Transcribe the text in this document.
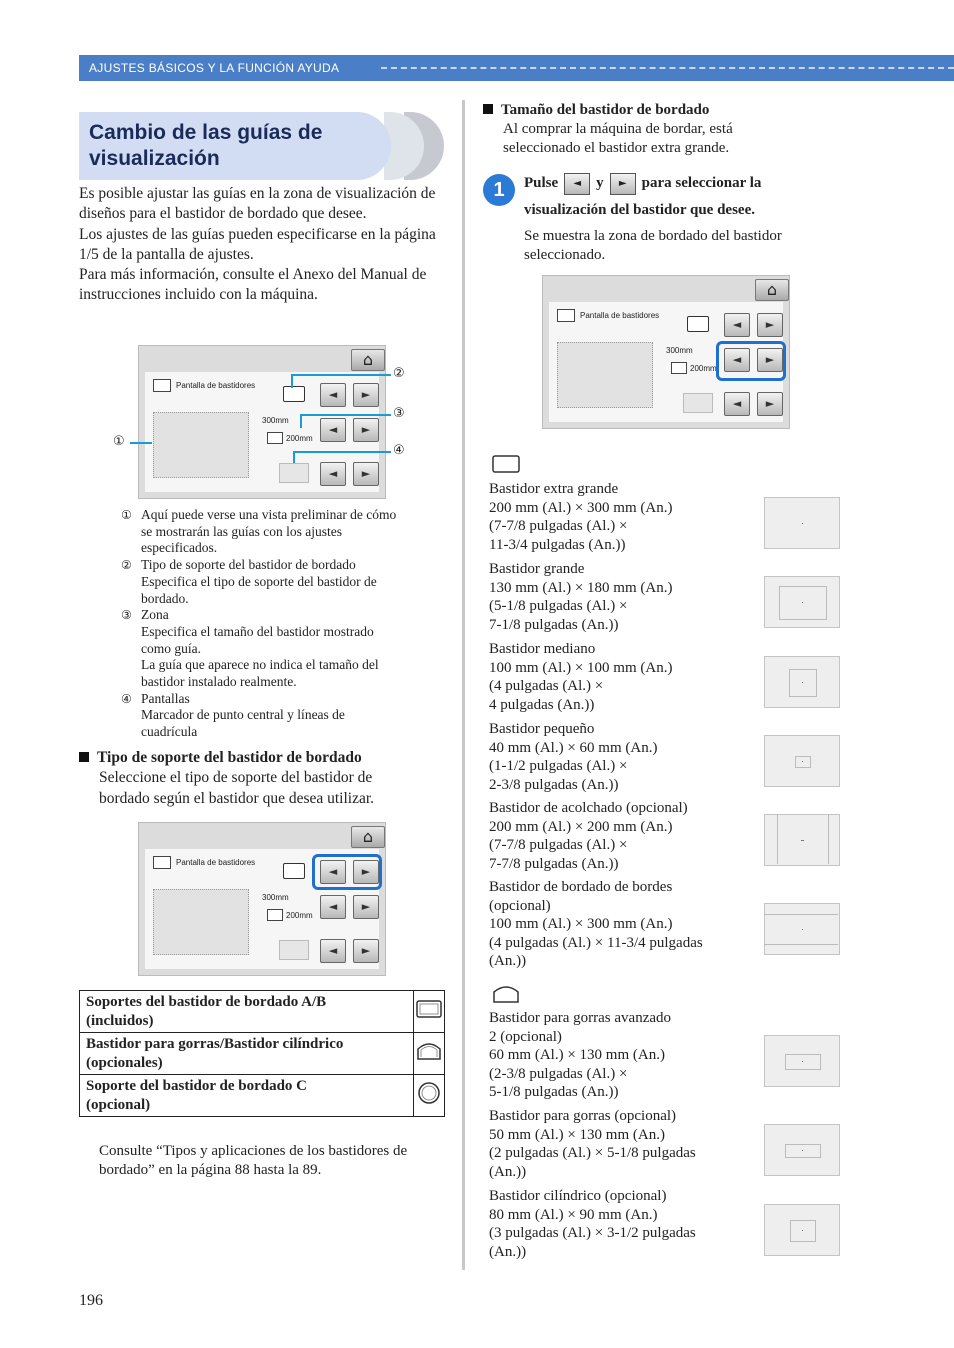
AJUSTES BÁSICOS Y LA FUNCIÓN AYUDA
Cambio de las guías de visualización
Es posible ajustar las guías en la zona de visualización de diseños para el bastidor de bordado que desee.
Los ajustes de las guías pueden especificarse en la página 1/5 de la pantalla de ajustes.
Para más información, consulte el Anexo del Manual de instrucciones incluido con la máquina.
⌂
Pantalla de bastidores
◄	►
300mm
200mm
◄	►
◄	►
①
②
③
④
① Aquí puede verse una vista preliminar de cómo
se mostrarán las guías con los ajustes
especificados.
② Tipo de soporte del bastidor de bordado
Especifica el tipo de soporte del bastidor de
bordado.
③ Zona
Especifica el tamaño del bastidor mostrado
como guía.
La guía que aparece no indica el tamaño del
bastidor instalado realmente.
④ Pantallas
Marcador de punto central y líneas de
cuadrícula
Tipo de soporte del bastidor de bordado
Seleccione el tipo de soporte del bastidor de
bordado según el bastidor que desea utilizar.
⌂
Pantalla de bastidores
◄	►
300mm
200mm
◄	►
◄	►
Soportes del bastidor de bordado A/B
(incluidos)

Bastidor para gorras/Bastidor cilíndrico
(opcionales)

Soporte del bastidor de bordado C
(opcional)

Consulte “Tipos y aplicaciones de los bastidores de
bordado” en la página 88 hasta la 89.
Tamaño del bastidor de bordado
Al comprar la máquina de bordar, está
seleccionado el bastidor extra grande.
1	Pulse ◄ y ► para seleccionar la
visualización del bastidor que desee.
Se muestra la zona de bordado del bastidor
seleccionado.
⌂
Pantalla de bastidores
◄	►
300mm
200mm
◄	►
◄	►
Bastidor extra grande
200 mm (Al.) × 300 mm (An.)
(7-7/8 pulgadas (Al.) ×
11-3/4 pulgadas (An.))
Bastidor grande
130 mm (Al.) × 180 mm (An.)
(5-1/8 pulgadas (Al.) ×
7-1/8 pulgadas (An.))
Bastidor mediano
100 mm (Al.) × 100 mm (An.)
(4 pulgadas (Al.) ×
4 pulgadas (An.))
Bastidor pequeño
40 mm (Al.) × 60 mm (An.)
(1-1/2 pulgadas (Al.) ×
2-3/8 pulgadas (An.))
Bastidor de acolchado (opcional)
200 mm (Al.) × 200 mm (An.)
(7-7/8 pulgadas (Al.) ×
7-7/8 pulgadas (An.))
Bastidor de bordado de bordes
(opcional)
100 mm (Al.) × 300 mm (An.)
(4 pulgadas (Al.) × 11-3/4 pulgadas
(An.))
Bastidor para gorras avanzado
2 (opcional)
60 mm (Al.) × 130 mm (An.)
(2-3/8 pulgadas (Al.) ×
5-1/8 pulgadas (An.))
Bastidor para gorras (opcional)
50 mm (Al.) × 130 mm (An.)
(2 pulgadas (Al.) × 5-1/8 pulgadas
(An.))
Bastidor cilíndrico (opcional)
80 mm (Al.) × 90 mm (An.)
(3 pulgadas (Al.) × 3-1/2 pulgadas
(An.))
196
